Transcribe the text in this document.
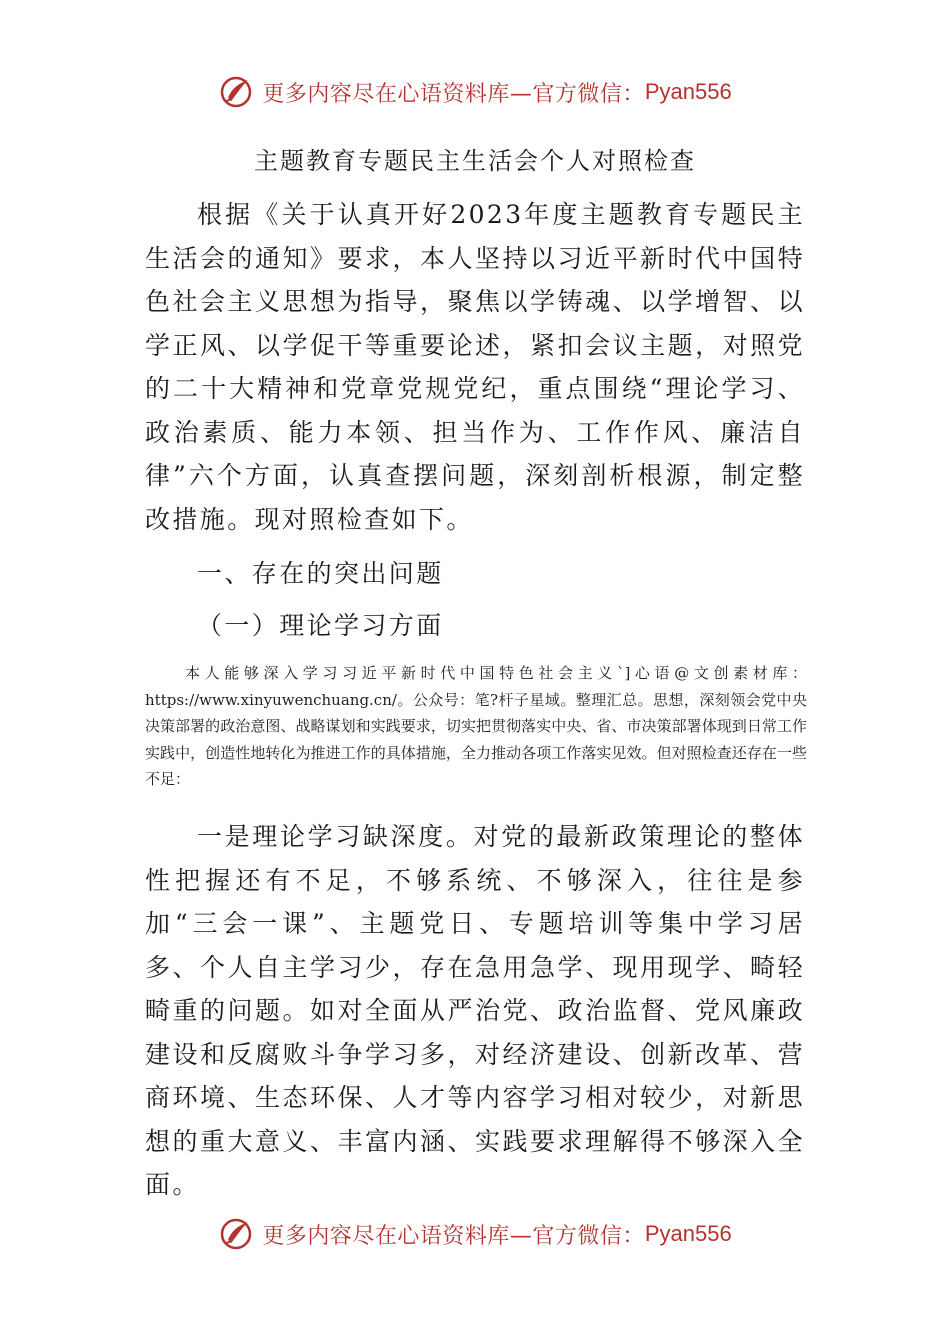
更多内容尽在心语资料库—官方微信： Pyan556
主题教育专题民主生活会个人对照检查

根据《关于认真开好2023年度主题教育专题民主生活会的通知》要求，本人坚持以习近平新时代中国特色社会主义思想为指导，聚焦以学铸魂、以学增智、以学正风、以学促干等重要论述，紧扣会议主题，对照党的二十大精神和党章党规党纪，重点围绕“理论学习、政治素质、能力本领、担当作为、工作作风、廉洁自律”六个方面，认真查摆问题，深刻剖析根源，制定整改措施。现对照检查如下。

一、存在的突出问题
（一）理论学习方面

本人能够深入学习习近平新时代中国特色社会主义`]心语@文创素材库：https://www.xinyuwenchuang.cn/。公众号：笔?杆子星域。整理汇总。思想，深刻领会党中央决策部署的政治意图、战略谋划和实践要求，切实把贯彻落实中央、省、市决策部署体现到日常工作实践中，创造性地转化为推进工作的具体措施，全力推动各项工作落实见效。但对照检查还存在一些不足：

一是理论学习缺深度。对党的最新政策理论的整体性把握还有不足，不够系统、不够深入，往往是参加“三会一课”、主题党日、专题培训等集中学习居多、个人自主学习少，存在急用急学、现用现学、畸轻畸重的问题。如对全面从严治党、政治监督、党风廉政建设和反腐败斗争学习多，对经济建设、创新改革、营商环境、生态环保、人才等内容学习相对较少，对新思想的重大意义、丰富内涵、实践要求理解得不够深入全面。

更多内容尽在心语资料库—官方微信： Pyan556
